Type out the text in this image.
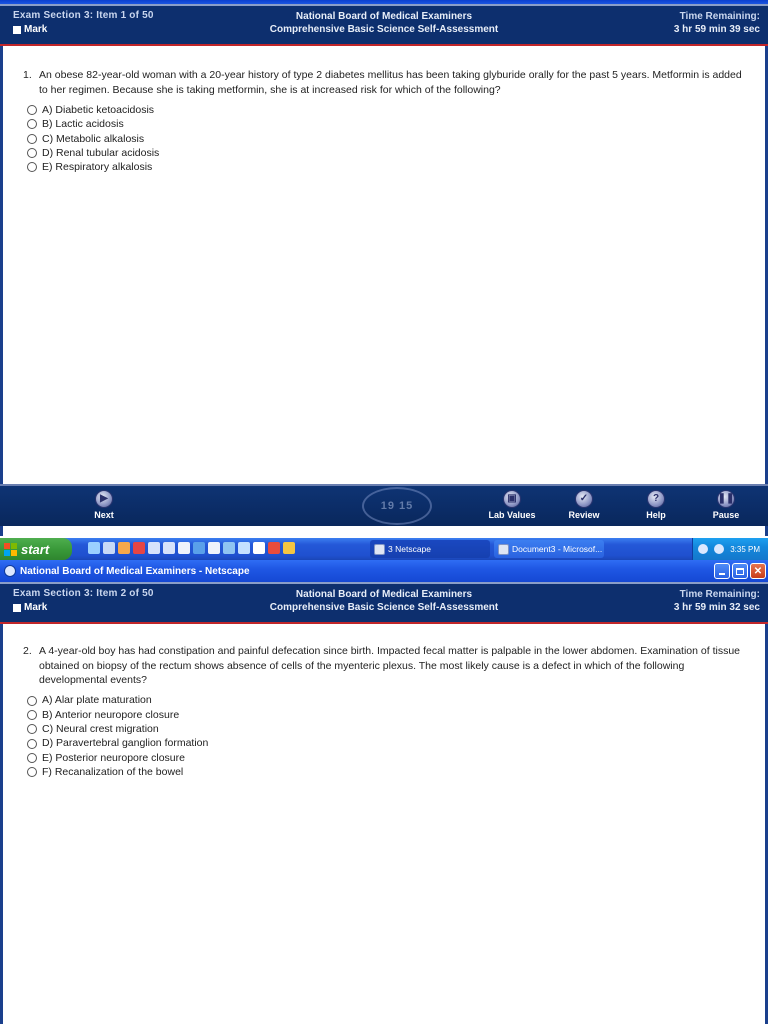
Exam Section 3: Item 1 of 50
Mark
National Board of Medical Examiners
Comprehensive Basic Science Self-Assessment
Time Remaining:
3 hr 59 min 39 sec
1. An obese 82-year-old woman with a 20-year history of type 2 diabetes mellitus has been taking glyburide orally for the past 5 years. Metformin is added to her regimen. Because she is taking metformin, she is at increased risk for which of the following?
A) Diabetic ketoacidosis
B) Lactic acidosis
C) Metabolic alkalosis
D) Renal tubular acidosis
E) Respiratory alkalosis
▶
Next
19 15
▣
Lab Values
✓
Review
?
Help
❚❚
Pause
start	3 Netscape	Document3 - Microsof...	3:35 PM
National Board of Medical Examiners - Netscape	✕
Exam Section 3: Item 2 of 50
Mark
National Board of Medical Examiners
Comprehensive Basic Science Self-Assessment
Time Remaining:
3 hr 59 min 32 sec
2. A 4-year-old boy has had constipation and painful defecation since birth. Impacted fecal matter is palpable in the lower abdomen. Examination of tissue obtained on biopsy of the rectum shows absence of cells of the myenteric plexus. The most likely cause is a defect in which of the following developmental events?
A) Alar plate maturation
B) Anterior neuropore closure
C) Neural crest migration
D) Paravertebral ganglion formation
E) Posterior neuropore closure
F) Recanalization of the bowel
